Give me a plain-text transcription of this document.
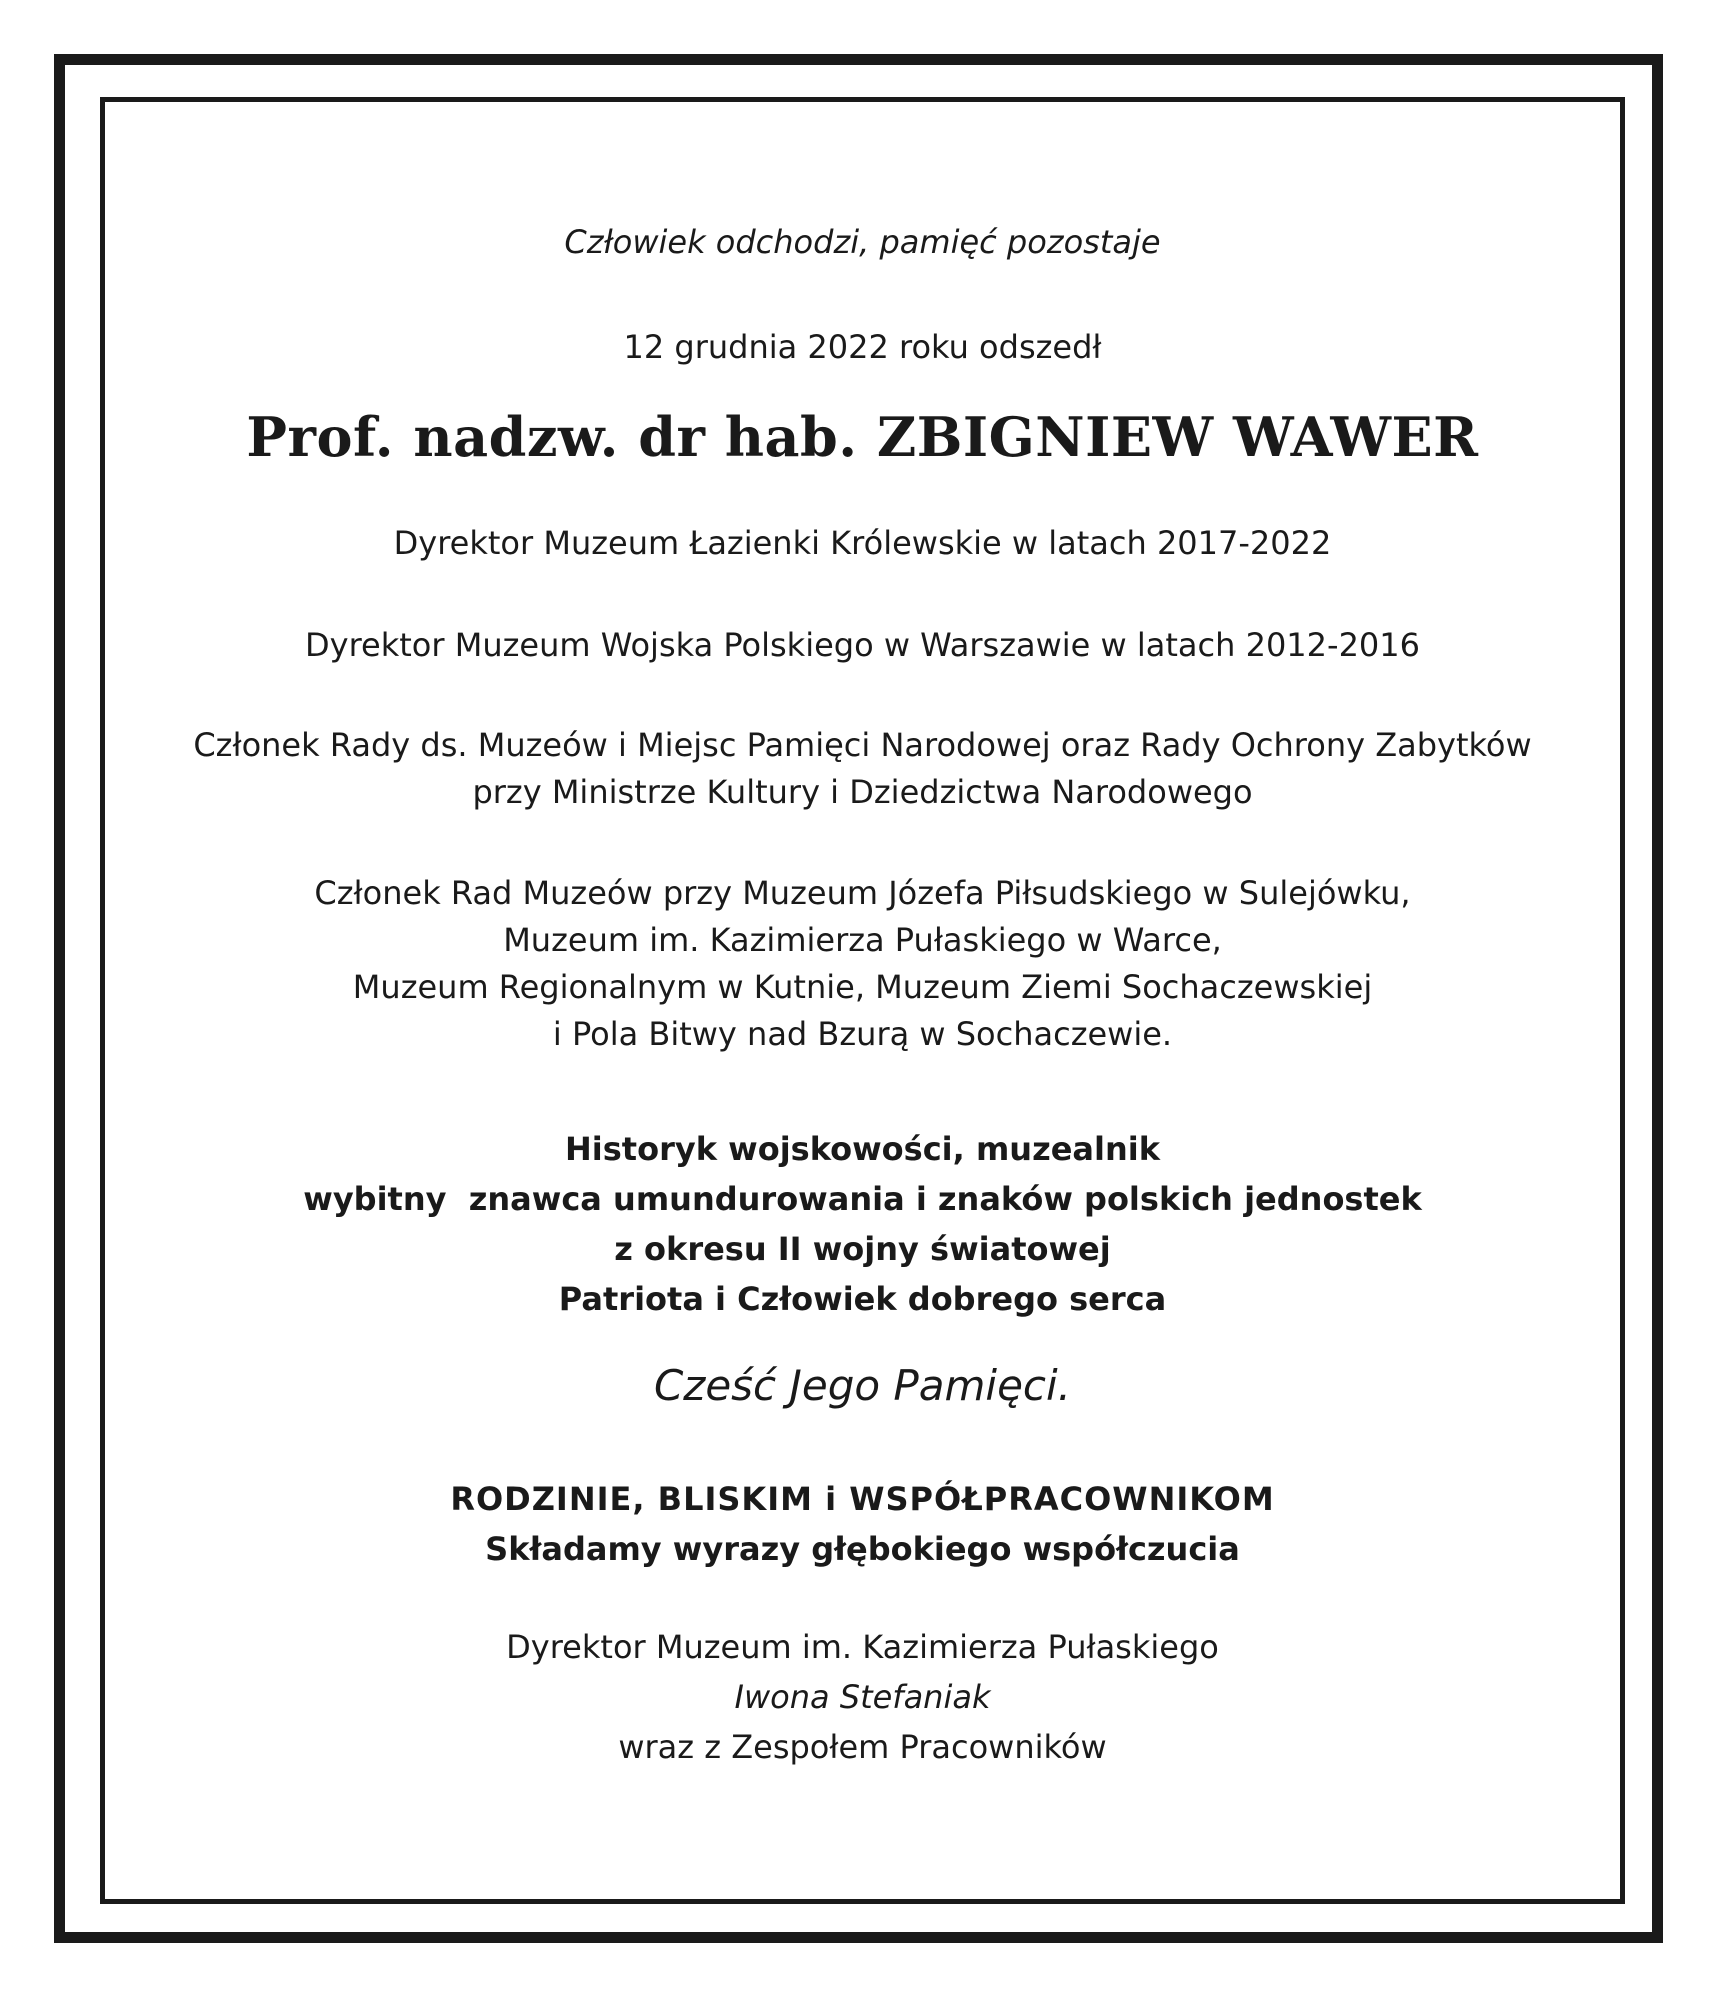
Człowiek odchodzi, pamięć pozostaje
12 grudnia 2022 roku odszedł
Prof. nadzw. dr hab. ZBIGNIEW WAWER
Dyrektor Muzeum Łazienki Królewskie w latach 2017-2022
Dyrektor Muzeum Wojska Polskiego w Warszawie w latach 2012-2016
Członek Rady ds. Muzeów i Miejsc Pamięci Narodowej oraz Rady Ochrony Zabytków
przy Ministrze Kultury i Dziedzictwa Narodowego
Członek Rad Muzeów przy Muzeum Józefa Piłsudskiego w Sulejówku,
Muzeum im. Kazimierza Pułaskiego w Warce,
Muzeum Regionalnym w Kutnie, Muzeum Ziemi Sochaczewskiej
i Pola Bitwy nad Bzurą w Sochaczewie.
Historyk wojskowości, muzealnik
wybitny  znawca umundurowania i znaków polskich jednostek
z okresu II wojny światowej
Patriota i Człowiek dobrego serca
Cześć Jego Pamięci.
RODZINIE, BLISKIM i WSPÓŁPRACOWNIKOM
Składamy wyrazy głębokiego współczucia
Dyrektor Muzeum im. Kazimierza Pułaskiego
Iwona Stefaniak
wraz z Zespołem Pracowników
